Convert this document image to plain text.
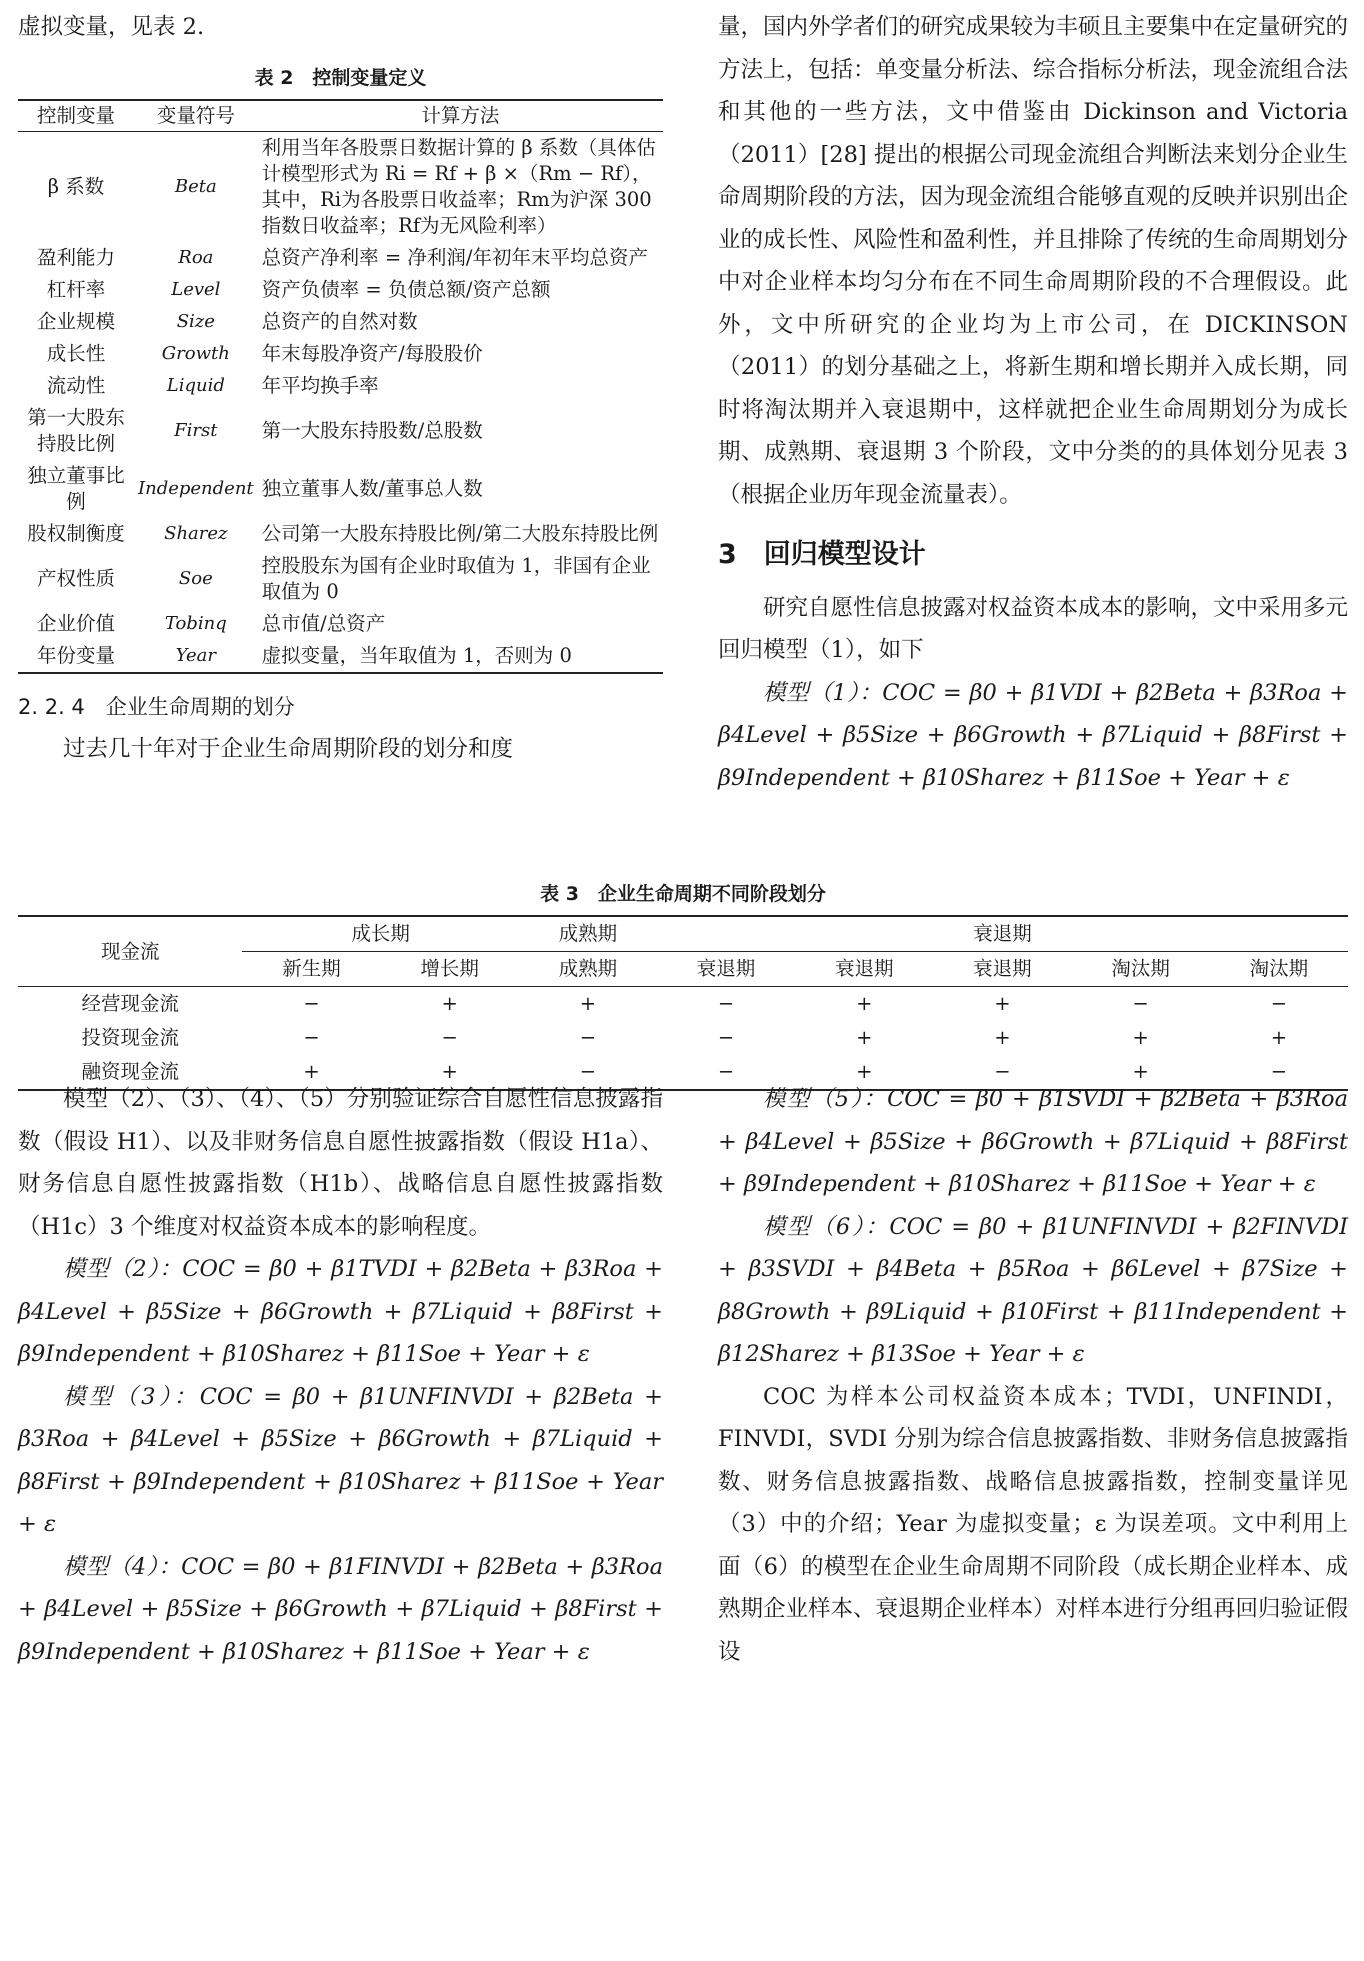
虚拟变量，见表 2.
表 2　控制变量定义
控制变量	变量符号	计算方法
β 系数	Beta	利用当年各股票日数据计算的 β 系数（具体估计模型形式为 Ri = Rf + β ×（Rm − Rf），其中，Ri为各股票日收益率；Rm为沪深 300 指数日收益率；Rf为无风险利率）
盈利能力	Roa	总资产净利率 = 净利润/年初年末平均总资产
杠杆率	Level	资产负债率 = 负债总额/资产总额
企业规模	Size	总资产的自然对数
成长性	Growth	年末每股净资产/每股股价
流动性	Liquid	年平均换手率
第一大股东持股比例	First	第一大股东持股数/总股数
独立董事比例	Independent	独立董事人数/董事总人数
股权制衡度	Sharez	公司第一大股东持股比例/第二大股东持股比例
产权性质	Soe	控股股东为国有企业时取值为 1，非国有企业取值为 0
企业价值	Tobinq	总市值/总资产
年份变量	Year	虚拟变量，当年取值为 1，否则为 0
2. 2. 4　企业生命周期的划分
过去几十年对于企业生命周期阶段的划分和度
量，国内外学者们的研究成果较为丰硕且主要集中在定量研究的方法上，包括：单变量分析法、综合指标分析法，现金流组合法和其他的一些方法，文中借鉴由 Dickinson and Victoria（2011）[28] 提出的根据公司现金流组合判断法来划分企业生命周期阶段的方法，因为现金流组合能够直观的反映并识别出企业的成长性、风险性和盈利性，并且排除了传统的生命周期划分中对企业样本均匀分布在不同生命周期阶段的不合理假设。此外，文中所研究的企业均为上市公司，在 DICKINSON（2011）的划分基础之上，将新生期和增长期并入成长期，同时将淘汰期并入衰退期中，这样就把企业生命周期划分为成长期、成熟期、衰退期 3 个阶段，文中分类的的具体划分见表 3（根据企业历年现金流量表）。
3　回归模型设计
研究自愿性信息披露对权益资本成本的影响，文中采用多元回归模型（1），如下
模型（1）：COC = β0 + β1VDI + β2Beta + β3Roa + β4Level + β5Size + β6Growth + β7Liquid + β8First + β9Independent + β10Sharez + β11Soe + Year + ε
表 3　企业生命周期不同阶段划分
现金流	成长期		成熟期	衰退期				
	新生期	增长期	成熟期	衰退期	衰退期	衰退期	淘汰期	淘汰期
经营现金流	−	+	+	−	+	+	−	−
投资现金流	−	−	−	−	+	+	+	+
融资现金流	+	+	−	−	+	−	+	−
模型（2）、（3）、（4）、（5）分别验证综合自愿性信息披露指数（假设 H1）、以及非财务信息自愿性披露指数（假设 H1a）、财务信息自愿性披露指数（H1b）、战略信息自愿性披露指数（H1c）3 个维度对权益资本成本的影响程度。
模型（2）：COC = β0 + β1TVDI + β2Beta + β3Roa + β4Level + β5Size + β6Growth + β7Liquid + β8First + β9Independent + β10Sharez + β11Soe + Year + ε
模型（3）：COC = β0 + β1UNFINVDI + β2Beta + β3Roa + β4Level + β5Size + β6Growth + β7Liquid + β8First + β9Independent + β10Sharez + β11Soe + Year + ε
模型（4）：COC = β0 + β1FINVDI + β2Beta + β3Roa + β4Level + β5Size + β6Growth + β7Liquid + β8First + β9Independent + β10Sharez + β11Soe + Year + ε
模型（5）：COC = β0 + β1SVDI + β2Beta + β3Roa + β4Level + β5Size + β6Growth + β7Liquid + β8First + β9Independent + β10Sharez + β11Soe + Year + ε
模型（6）：COC = β0 + β1UNFINVDI + β2FINVDI + β3SVDI + β4Beta + β5Roa + β6Level + β7Size + β8Growth + β9Liquid + β10First + β11Independent + β12Sharez + β13Soe + Year + ε
COC 为样本公司权益资本成本；TVDI，UNFINDI，FINVDI，SVDI 分别为综合信息披露指数、非财务信息披露指数、财务信息披露指数、战略信息披露指数，控制变量详见（3）中的介绍；Year 为虚拟变量；ε 为误差项。文中利用上面（6）的模型在企业生命周期不同阶段（成长期企业样本、成熟期企业样本、衰退期企业样本）对样本进行分组再回归验证假设
